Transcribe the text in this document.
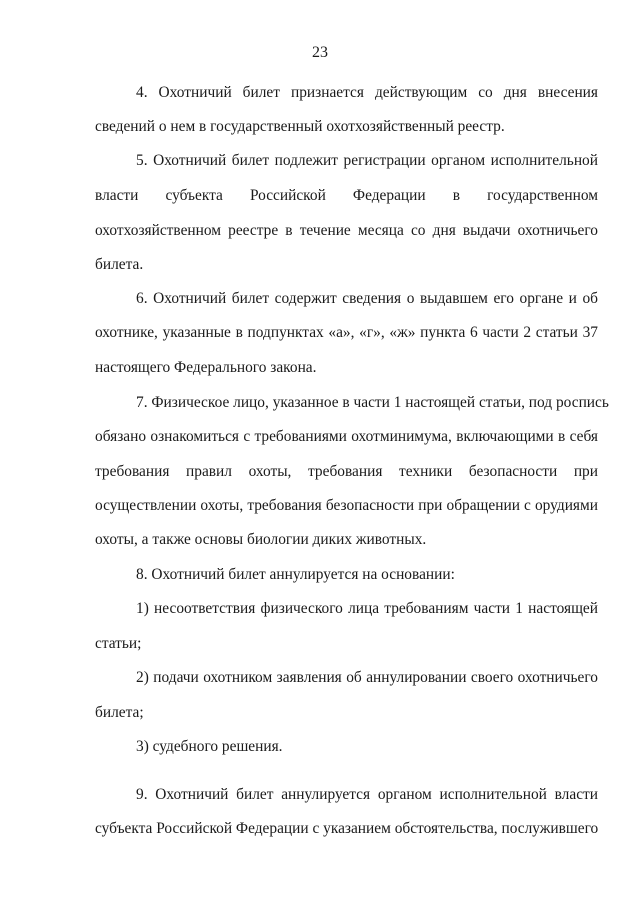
23
4. Охотничий билет признается действующим со дня внесения
сведений о нем в государственный охотхозяйственный реестр.
5. Охотничий билет подлежит регистрации органом исполнительной
власти субъекта Российской Федерации в государственном
охотхозяйственном реестре в течение месяца со дня выдачи охотничьего
билета.
6. Охотничий билет содержит сведения о выдавшем его органе и об
охотнике, указанные в подпунктах «а», «г», «ж» пункта 6 части 2 статьи 37
настоящего Федерального закона.
7. Физическое лицо, указанное в части 1 настоящей статьи, под роспись
обязано ознакомиться с требованиями охотминимума, включающими в себя
требования правил охоты, требования техники безопасности при
осуществлении охоты, требования безопасности при обращении с орудиями
охоты, а также основы биологии диких животных.
8. Охотничий билет аннулируется на основании:
1) несоответствия физического лица требованиям части 1 настоящей
статьи;
2) подачи охотником заявления об аннулировании своего охотничьего
билета;
3) судебного решения.
9. Охотничий билет аннулируется органом исполнительной власти
субъекта Российской Федерации с указанием обстоятельства, послужившего
